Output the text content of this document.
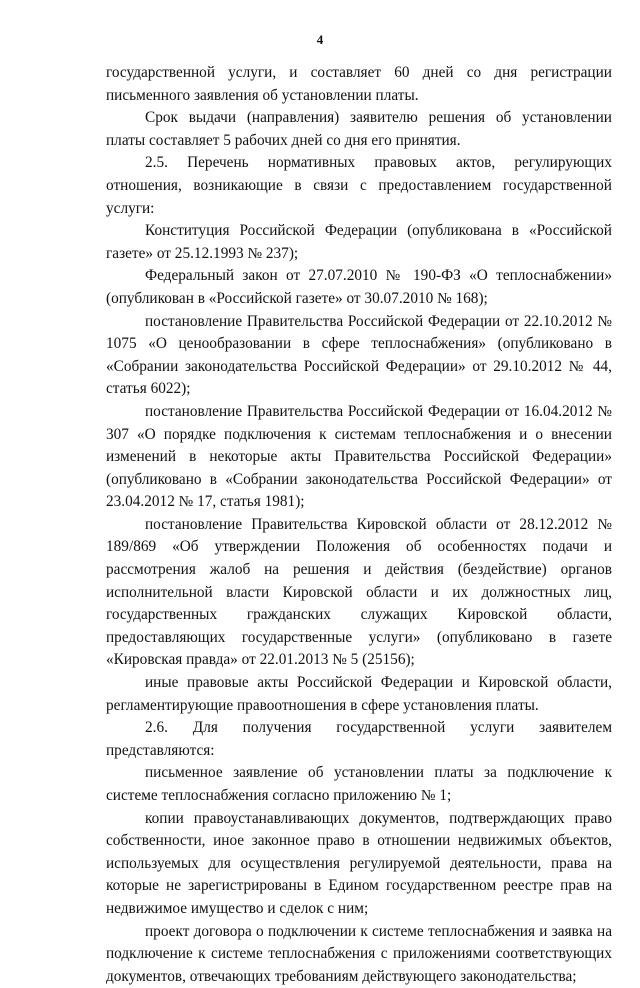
4

государственной услуги, и составляет 60 дней со дня регистрации письменного заявления об установлении платы.

Срок выдачи (направления) заявителю решения об установлении платы составляет 5 рабочих дней со дня его принятия.

2.5. Перечень нормативных правовых актов, регулирующих отношения, возникающие в связи с предоставлением государственной услуги:

Конституция Российской Федерации (опубликована в «Российской газете» от 25.12.1993 № 237);

Федеральный закон от 27.07.2010 № 190-ФЗ «О теплоснабжении» (опубликован в «Российской газете» от 30.07.2010 № 168);

постановление Правительства Российской Федерации от 22.10.2012 № 1075 «О ценообразовании в сфере теплоснабжения» (опубликовано в «Собрании законодательства Российской Федерации» от 29.10.2012 № 44, статья 6022);

постановление Правительства Российской Федерации от 16.04.2012 № 307 «О порядке подключения к системам теплоснабжения и о внесении изменений в некоторые акты Правительства Российской Федерации» (опубликовано в «Собрании законодательства Российской Федерации» от 23.04.2012 № 17, статья 1981);

постановление Правительства Кировской области от 28.12.2012 № 189/869 «Об утверждении Положения об особенностях подачи и рассмотрения жалоб на решения и действия (бездействие) органов исполнительной власти Кировской области и их должностных лиц, государственных гражданских служащих Кировской области, предоставляющих государственные услуги» (опубликовано в газете «Кировская правда» от 22.01.2013 № 5 (25156);

иные правовые акты Российской Федерации и Кировской области, регламентирующие правоотношения в сфере установления платы.

2.6. Для получения государственной услуги заявителем представляются:

письменное заявление об установлении платы за подключение к системе теплоснабжения согласно приложению № 1;

копии правоустанавливающих документов, подтверждающих право собственности, иное законное право в отношении недвижимых объектов, используемых для осуществления регулируемой деятельности, права на которые не зарегистрированы в Едином государственном реестре прав на недвижимое имущество и сделок с ним;

проект договора о подключении к системе теплоснабжения и заявка на подключение к системе теплоснабжения с приложениями соответствующих документов, отвечающих требованиям действующего законодательства;
